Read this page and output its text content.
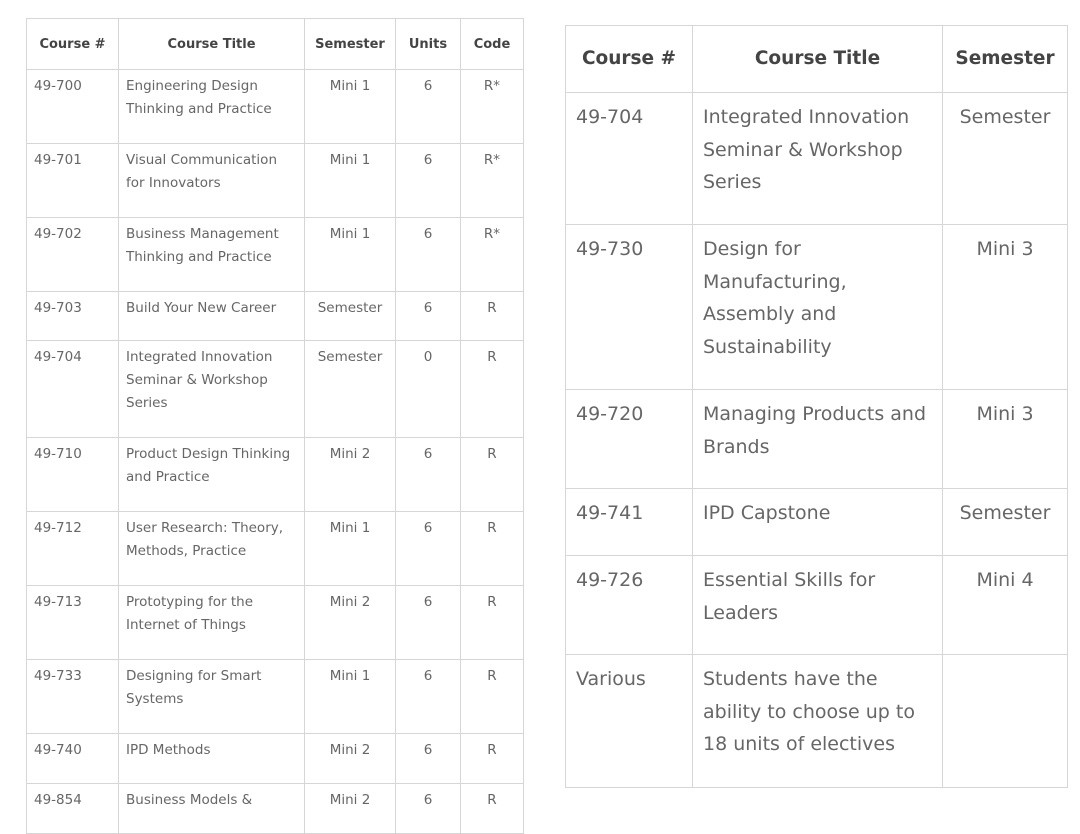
Course #	Course Title	Semester	Units	Code
49-700	Engineering Design Thinking and Practice	Mini 1	6	R*
49-701	Visual Communication for Innovators	Mini 1	6	R*
49-702	Business Management Thinking and Practice	Mini 1	6	R*
49-703	Build Your New Career	Semester	6	R
49-704	Integrated Innovation Seminar & Workshop Series	Semester	0	R
49-710	Product Design Thinking and Practice	Mini 2	6	R
49-712	User Research: Theory, Methods, Practice	Mini 1	6	R
49-713	Prototyping for the Internet of Things	Mini 2	6	R
49-733	Designing for Smart Systems	Mini 1	6	R
49-740	IPD Methods	Mini 2	6	R
49-854	Business Models &	Mini 2	6	R
Course #	Course Title	Semester
49-704	Integrated Innovation Seminar & Workshop Series	Semester
49-730	Design for Manufacturing, Assembly and Sustainability	Mini 3
49-720	Managing Products and Brands	Mini 3
49-741	IPD Capstone	Semester
49-726	Essential Skills for Leaders	Mini 4
Various	Students have the ability to choose up to 18 units of electives	
